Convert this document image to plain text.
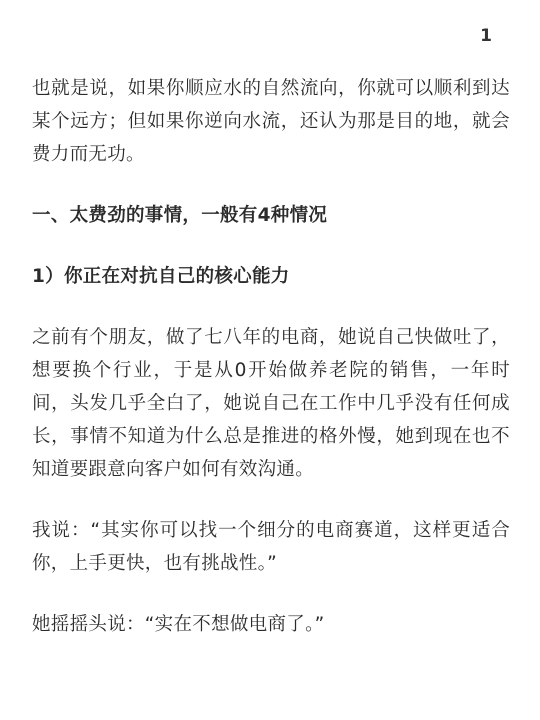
1

也就是说，如果你顺应水的自然流向，你就可以顺利到达某个远方；但如果你逆向水流，还认为那是目的地，就会费力而无功。

一、太费劲的事情，一般有4种情况

1）你正在对抗自己的核心能力

之前有个朋友，做了七八年的电商，她说自己快做吐了，想要换个行业，于是从0开始做养老院的销售，一年时间，头发几乎全白了，她说自己在工作中几乎没有任何成长，事情不知道为什么总是推进的格外慢，她到现在也不知道要跟意向客户如何有效沟通。

我说：“其实你可以找一个细分的电商赛道，这样更适合你，上手更快，也有挑战性。”

她摇摇头说：“实在不想做电商了。”
